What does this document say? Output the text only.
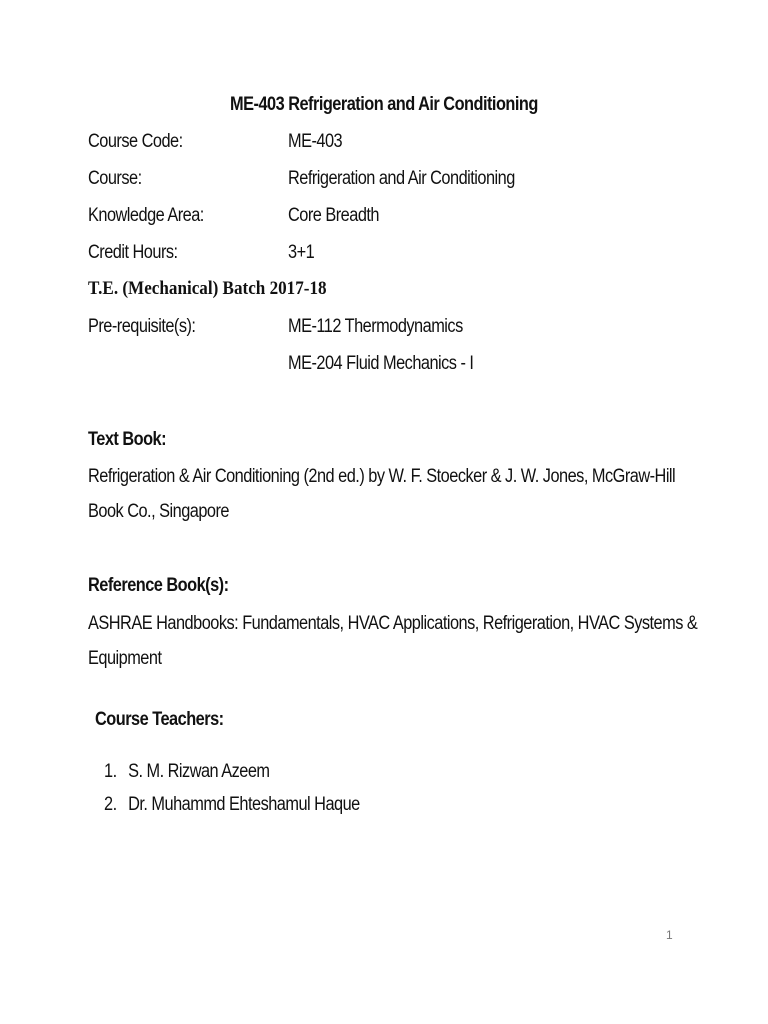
ME-403 Refrigeration and Air Conditioning
Course Code:	ME-403
Course:	Refrigeration and Air Conditioning
Knowledge Area:	Core Breadth
Credit Hours:	3+1
T.E. (Mechanical) Batch 2017-18
Pre-requisite(s):	ME-112 Thermodynamics
ME-204 Fluid Mechanics - I
Text Book:
Refrigeration & Air Conditioning (2nd ed.) by W. F. Stoecker & J. W. Jones, McGraw-Hill
Book Co., Singapore
Reference Book(s):
ASHRAE Handbooks: Fundamentals, HVAC Applications, Refrigeration, HVAC Systems &
Equipment
Course Teachers:
1. S. M. Rizwan Azeem
2. Dr. Muhammd Ehteshamul Haque
1
